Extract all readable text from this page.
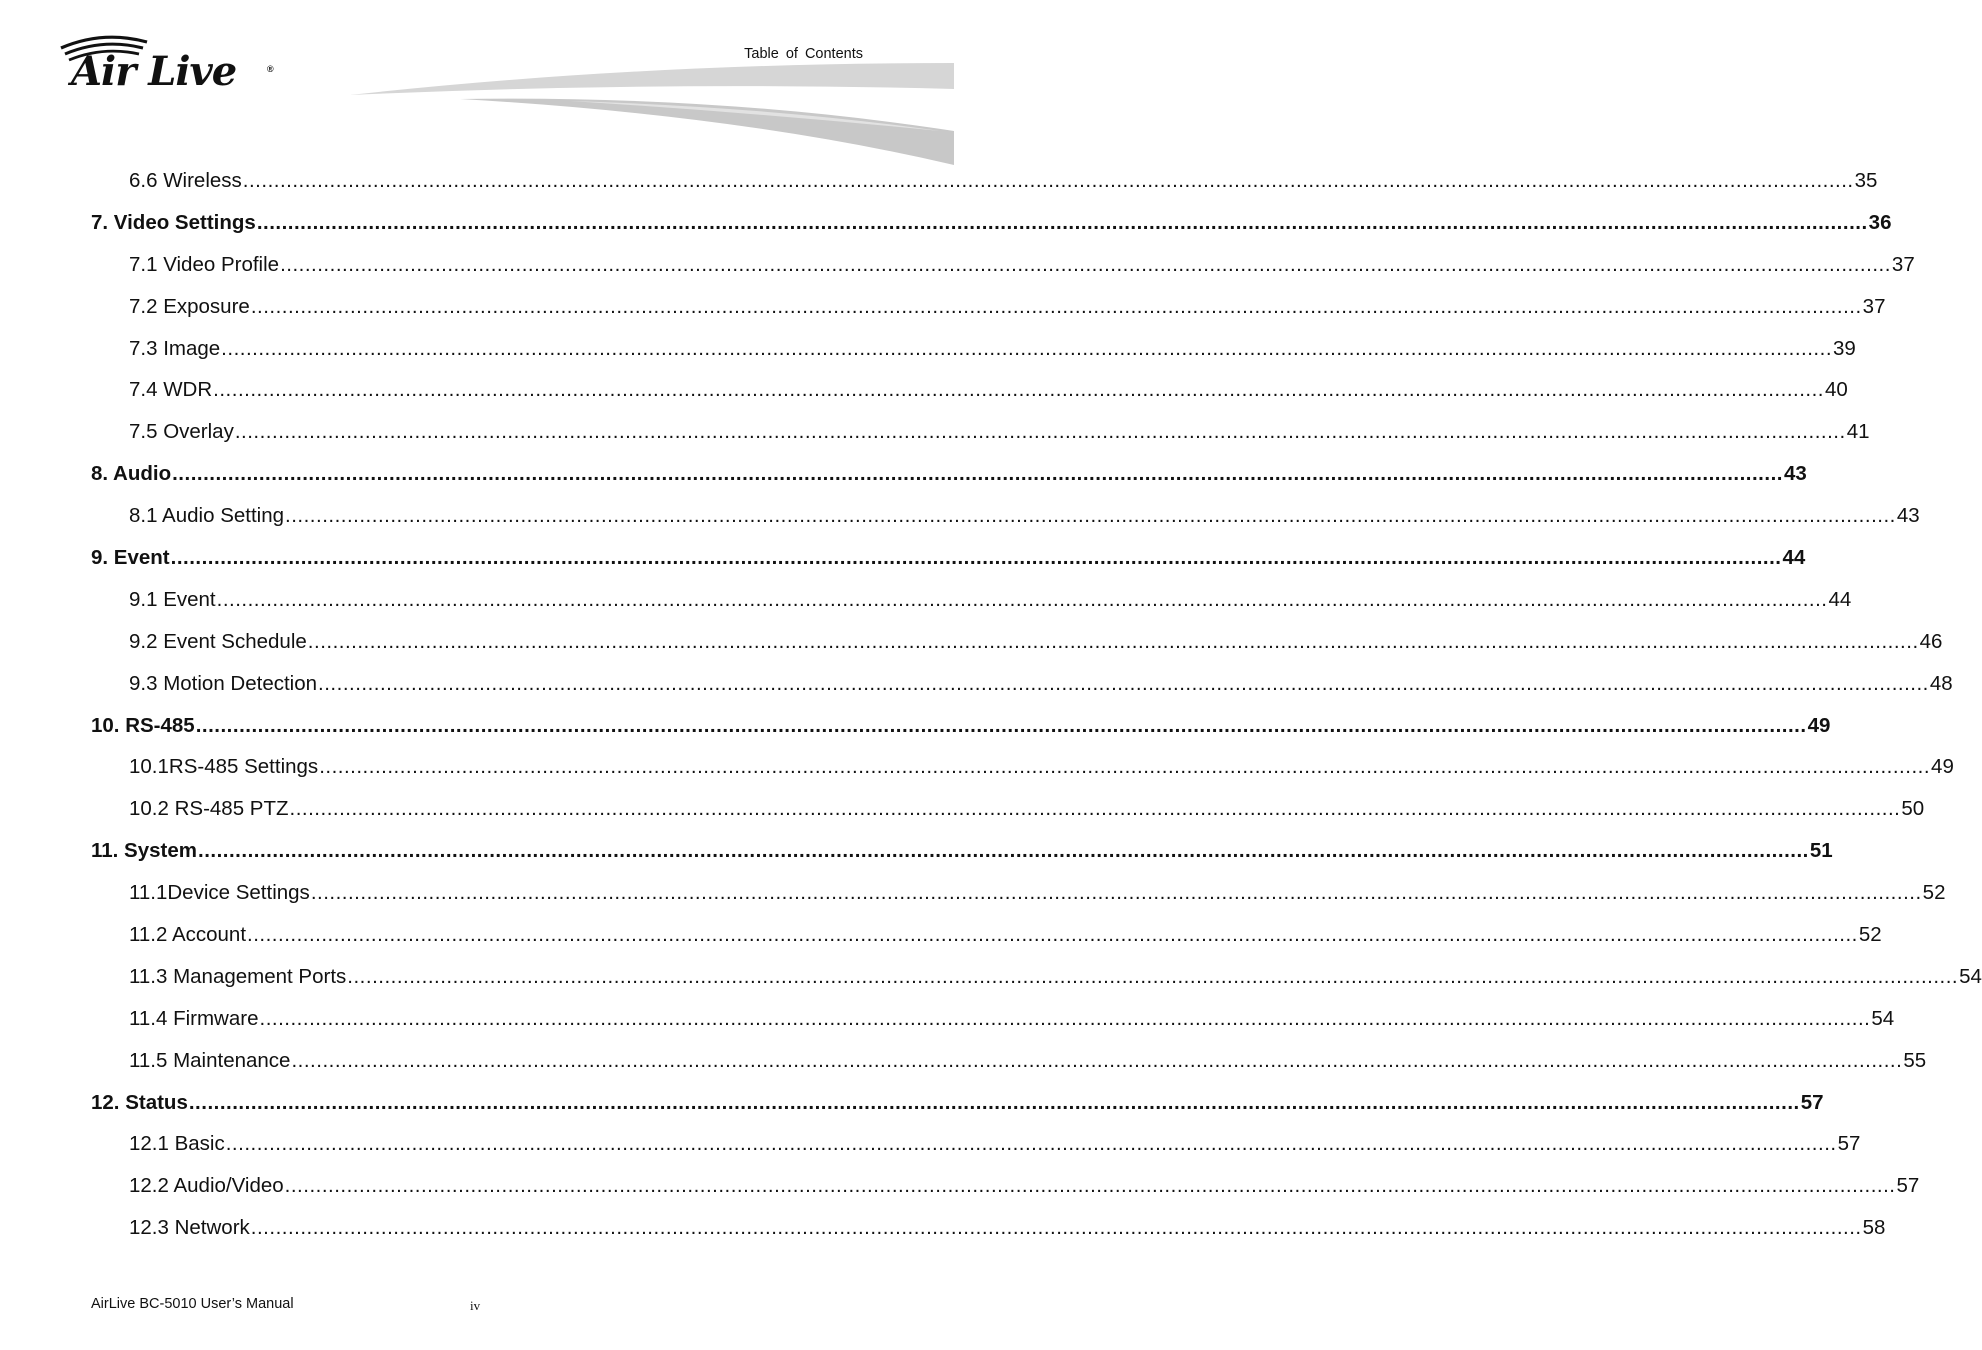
Air Live	®
Table of Contents
6.6 Wireless .................................................................................................................................................................................................................................................................... 35
7. Video Settings .................................................................................................................................................................................................................................................................... 36
7.1 Video Profile .................................................................................................................................................................................................................................................................... 37
7.2 Exposure .................................................................................................................................................................................................................................................................... 37
7.3 Image .................................................................................................................................................................................................................................................................... 39
7.4 WDR .................................................................................................................................................................................................................................................................... 40
7.5 Overlay .................................................................................................................................................................................................................................................................... 41
8. Audio .................................................................................................................................................................................................................................................................... 43
8.1 Audio Setting .................................................................................................................................................................................................................................................................... 43
9. Event .................................................................................................................................................................................................................................................................... 44
9.1 Event .................................................................................................................................................................................................................................................................... 44
9.2 Event Schedule .................................................................................................................................................................................................................................................................... 46
9.3 Motion Detection .................................................................................................................................................................................................................................................................... 48
10. RS-485 .................................................................................................................................................................................................................................................................... 49
10.1RS-485 Settings .................................................................................................................................................................................................................................................................... 49
10.2 RS-485 PTZ .................................................................................................................................................................................................................................................................... 50
11. System .................................................................................................................................................................................................................................................................... 51
11.1Device Settings .................................................................................................................................................................................................................................................................... 52
11.2 Account .................................................................................................................................................................................................................................................................... 52
11.3 Management Ports .................................................................................................................................................................................................................................................................... 54
11.4 Firmware .................................................................................................................................................................................................................................................................... 54
11.5 Maintenance .................................................................................................................................................................................................................................................................... 55
12. Status .................................................................................................................................................................................................................................................................... 57
12.1 Basic .................................................................................................................................................................................................................................................................... 57
12.2 Audio/Video .................................................................................................................................................................................................................................................................... 57
12.3 Network .................................................................................................................................................................................................................................................................... 58
AirLive BC-5010 User’s Manual	iv
